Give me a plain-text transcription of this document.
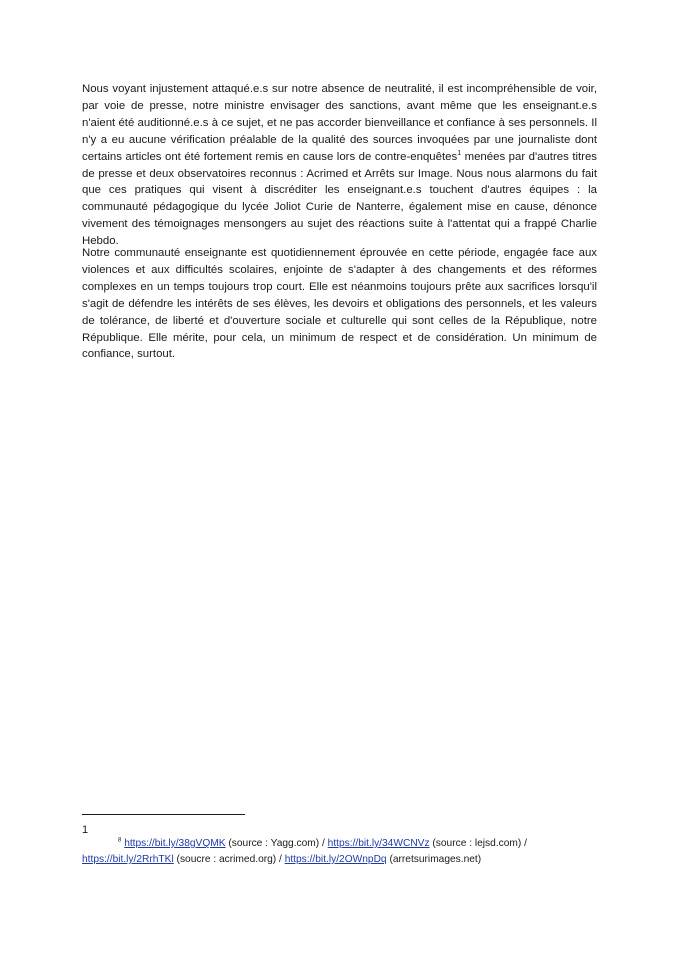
Nous voyant injustement attaqué.e.s sur notre absence de neutralité, il est incompréhensible de voir, par voie de presse, notre ministre envisager des sanctions, avant même que les enseignant.e.s n'aient été auditionné.e.s à ce sujet, et ne pas accorder bienveillance et confiance à ses personnels. Il n'y a eu aucune vérification préalable de la qualité des sources invoquées par une journaliste dont certains articles ont été fortement remis en cause lors de contre-enquêtes$^1$ menées par d'autres titres de presse et deux observatoires reconnus : Acrimed et Arrêts sur Image. Nous nous alarmons du fait que ces pratiques qui visent à discréditer les enseignant.e.s touchent d'autres équipes : la communauté pédagogique du lycée Joliot Curie de Nanterre, également mise en cause, dénonce vivement des témoignages mensongers au sujet des réactions suite à l'attentat qui a frappé Charlie Hebdo.

Notre communauté enseignante est quotidiennement éprouvée en cette période, engagée face aux violences et aux difficultés scolaires, enjointe de s'adapter à des changements et des réformes complexes en un temps toujours trop court. Elle est néanmoins toujours prête aux sacrifices lorsqu'il s'agit de défendre les intérêts de ses élèves, les devoirs et obligations des personnels, et les valeurs de tolérance, de liberté et d'ouverture sociale et culturelle qui sont celles de la République, notre République. Elle mérite, pour cela, un minimum de respect et de considération. Un minimum de confiance, surtout.

1

$^8$ https://bit.ly/38gVQMK (source : Yagg.com) / https://bit.ly/34WCNVz (source : lejsd.com) /
https://bit.ly/2RrhTKl (soucre : acrimed.org) / https://bit.ly/2OWnpDq (arretsurimages.net)
